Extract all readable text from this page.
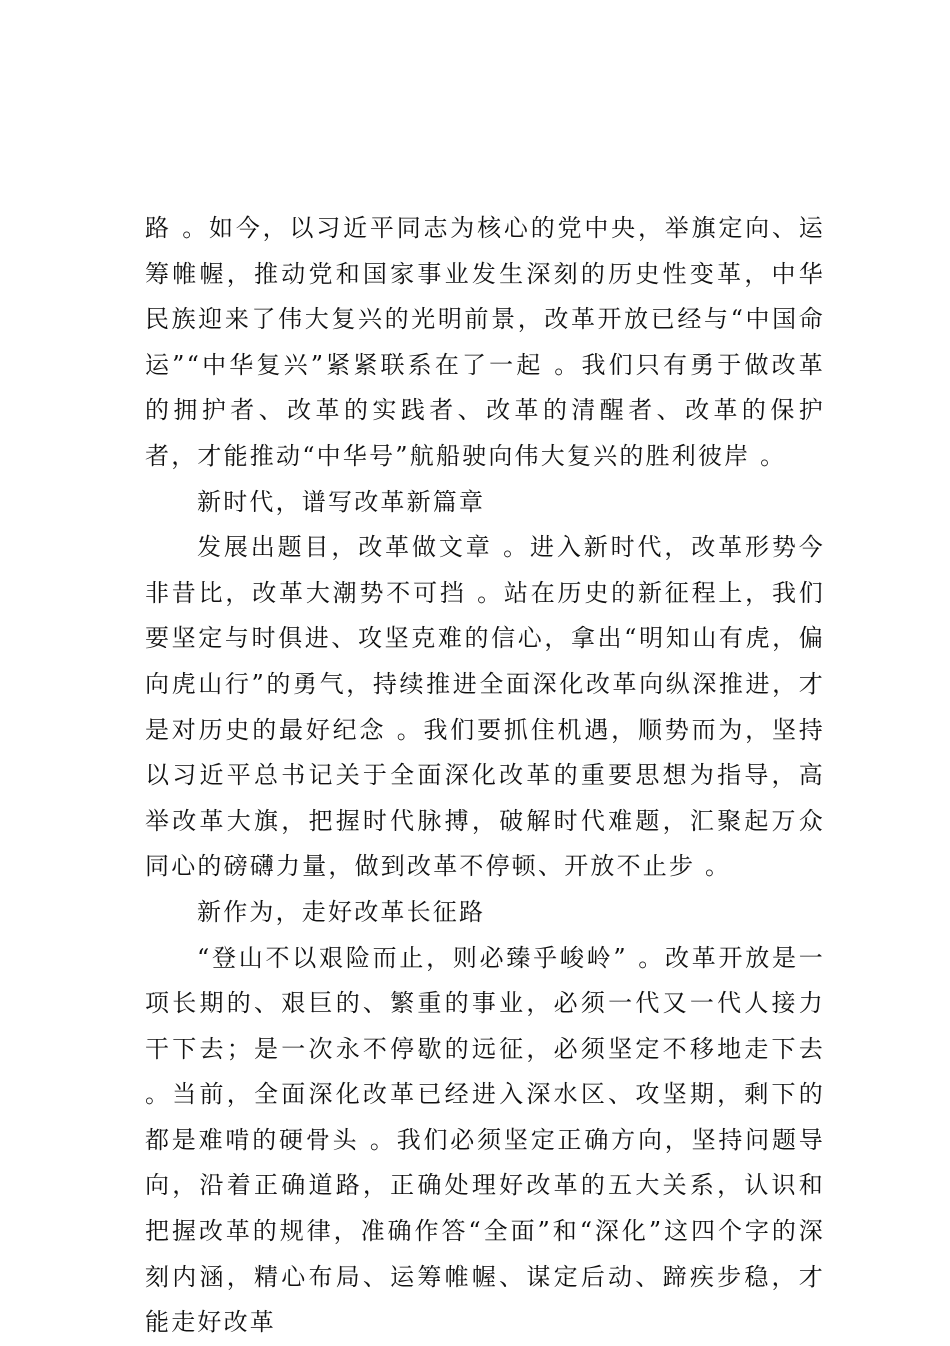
路 。如今，以习近平同志为核心的党中央，举旗定向、运筹帷幄，推动党和国家事业发生深刻的历史性变革，中华民族迎来了伟大复兴的光明前景，改革开放已经与“中国命运”“中华复兴”紧紧联系在了一起 。我们只有勇于做改革的拥护者、改革的实践者、改革的清醒者、改革的保护者，才能推动“中华号”航船驶向伟大复兴的胜利彼岸 。

新时代，谱写改革新篇章

发展出题目，改革做文章 。进入新时代，改革形势今非昔比，改革大潮势不可挡 。站在历史的新征程上，我们要坚定与时俱进、攻坚克难的信心，拿出“明知山有虎，偏向虎山行”的勇气，持续推进全面深化改革向纵深推进，才是对历史的最好纪念 。我们要抓住机遇，顺势而为，坚持以习近平总书记关于全面深化改革的重要思想为指导，高举改革大旗，把握时代脉搏，破解时代难题，汇聚起万众同心的磅礴力量，做到改革不停顿、开放不止步 。

新作为，走好改革长征路

“登山不以艰险而止，则必臻乎峻岭” 。改革开放是一项长期的、艰巨的、繁重的事业，必须一代又一代人接力干下去；是一次永不停歇的远征，必须坚定不移地走下去 。当前，全面深化改革已经进入深水区、攻坚期，剩下的都是难啃的硬骨头 。我们必须坚定正确方向，坚持问题导向，沿着正确道路，正确处理好改革的五大关系，认识和把握改革的规律，准确作答“全面”和“深化”这四个字的深刻内涵，精心布局、运筹帷幄、谋定后动、蹄疾步稳，才能走好改革
